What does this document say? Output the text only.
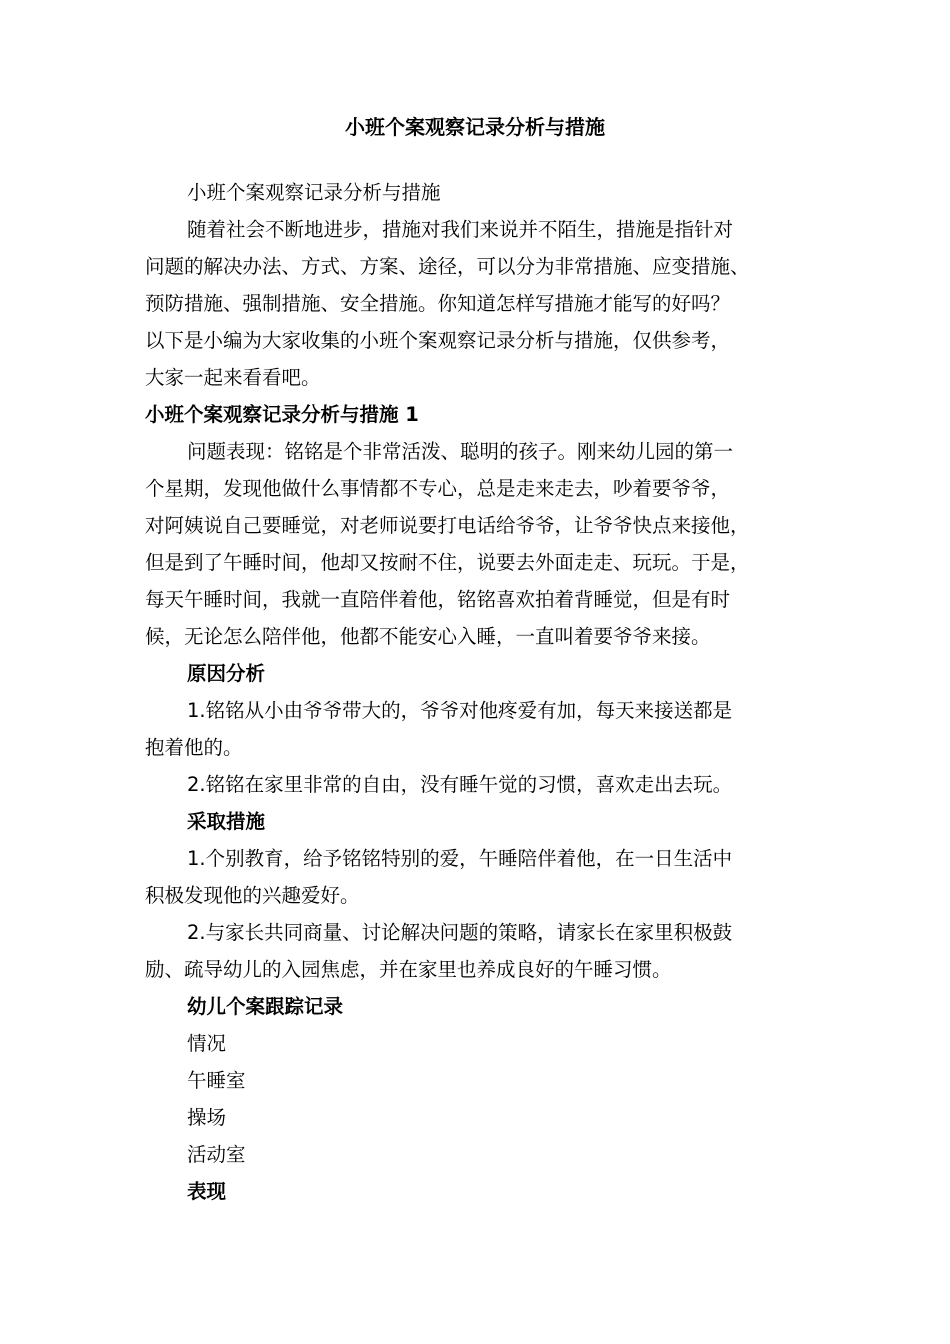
小班个案观察记录分析与措施

小班个案观察记录分析与措施

随着社会不断地进步，措施对我们来说并不陌生，措施是指针对

问题的解决办法、方式、方案、途径，可以分为非常措施、应变措施、

预防措施、强制措施、安全措施。你知道怎样写措施才能写的好吗？

以下是小编为大家收集的小班个案观察记录分析与措施，仅供参考，

大家一起来看看吧。

小班个案观察记录分析与措施 1

问题表现：铭铭是个非常活泼、聪明的孩子。刚来幼儿园的第一

个星期，发现他做什么事情都不专心，总是走来走去，吵着要爷爷，

对阿姨说自己要睡觉，对老师说要打电话给爷爷，让爷爷快点来接他，

但是到了午睡时间，他却又按耐不住，说要去外面走走、玩玩。于是，

每天午睡时间，我就一直陪伴着他，铭铭喜欢拍着背睡觉，但是有时

候，无论怎么陪伴他，他都不能安心入睡，一直叫着要爷爷来接。

原因分析

1.铭铭从小由爷爷带大的，爷爷对他疼爱有加，每天来接送都是

抱着他的。

2.铭铭在家里非常的自由，没有睡午觉的习惯，喜欢走出去玩。

采取措施

1.个别教育，给予铭铭特别的爱，午睡陪伴着他，在一日生活中

积极发现他的兴趣爱好。

2.与家长共同商量、讨论解决问题的策略，请家长在家里积极鼓

励、疏导幼儿的入园焦虑，并在家里也养成良好的午睡习惯。

幼儿个案跟踪记录

情况

午睡室

操场

活动室

表现
